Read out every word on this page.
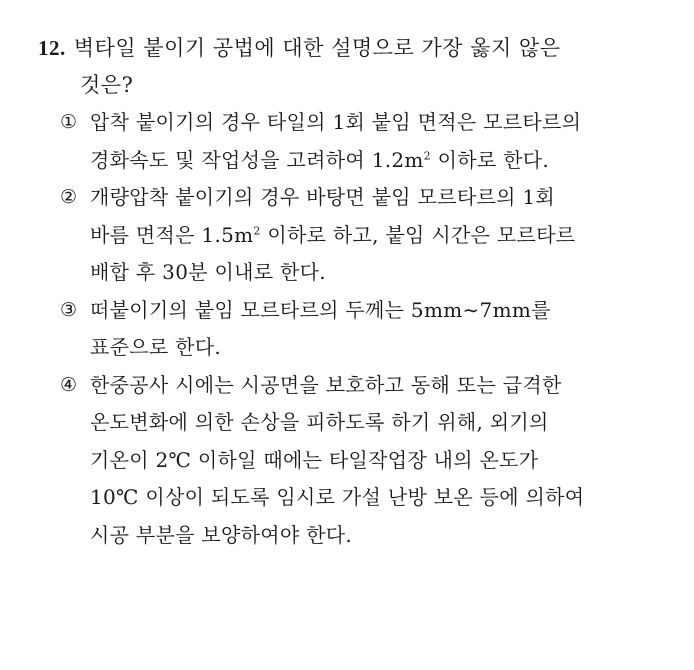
12. 벽타일 붙이기 공법에 대한 설명으로 가장 옳지 않은
것은?
① 압착 붙이기의 경우 타일의 1회 붙임 면적은 모르타르의
경화속도 및 작업성을 고려하여 $1.2m^2$ 이하로 한다.
② 개량압착 붙이기의 경우 바탕면 붙임 모르타르의 1회
바름 면적은 $1.5m^2$ 이하로 하고, 붙임 시간은 모르타르
배합 후 30분 이내로 한다.
③ 떠붙이기의 붙임 모르타르의 두께는 5mm∼7mm를
표준으로 한다.
④ 한중공사 시에는 시공면을 보호하고 동해 또는 급격한
온도변화에 의한 손상을 피하도록 하기 위해, 외기의
기온이 2℃ 이하일 때에는 타일작업장 내의 온도가
10℃ 이상이 되도록 임시로 가설 난방 보온 등에 의하여
시공 부분을 보양하여야 한다.
